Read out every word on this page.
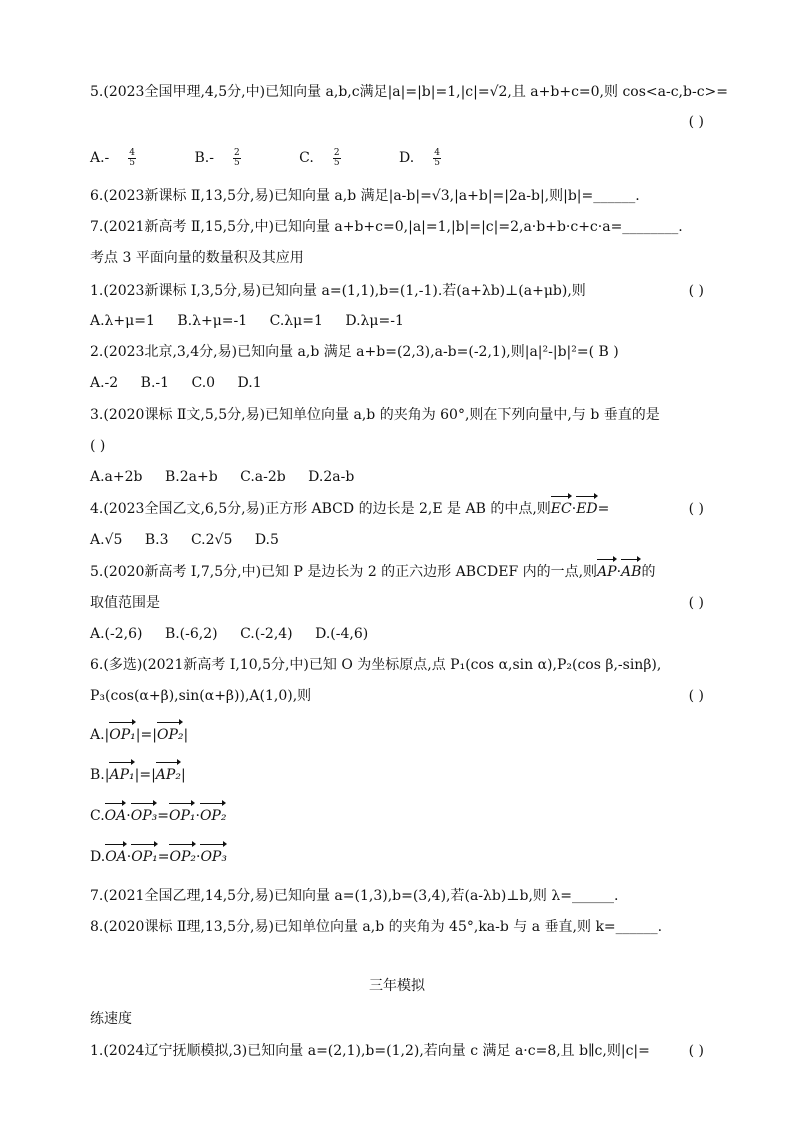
5.(2023全国甲理,4,5分,中)已知向量 a,b,c满足|a|=|b|=1,|c|=√2,且 a+b+c=0,则 cos<a-c,b-c>=
( )
$A.- \frac{4}{5}$	$B.- \frac{2}{5}$	C. $\frac{2}{5}$	D. $\frac{4}{5}$
6.(2023新课标 Ⅱ,13,5分,易)已知向量 a,b 满足|a-b|=√3,|a+b|=|2a-b|,则|b|=______.
7.(2021新高考 Ⅱ,15,5分,中)已知向量 a+b+c=0,|a|=1,|b|=|c|=2,a·b+b·c+c·a=________.
考点 3 平面向量的数量积及其应用
1.(2023新课标 Ⅰ,3,5分,易)已知向量 a=(1,1),b=(1,-1).若(a+λb)⊥(a+μb),则	( )
A.λ+μ=1 B.λ+μ=-1 C.λμ=1 D.λμ=-1
2.(2023北京,3,4分,易)已知向量 a,b 满足 a+b=(2,3),a-b=(-2,1),则|a|²-|b|²=( B )
A.-2 B.-1 C.0 D.1
3.(2020课标 Ⅱ文,5,5分,易)已知单位向量 a,b 的夹角为 60°,则在下列向量中,与 b 垂直的是
( )
A.a+2b B.2a+b C.a-2b D.2a-b
4.(2023全国乙文,6,5分,易)正方形 ABCD 的边长是 2,E 是 AB 的中点,则EC·ED=	( )
A.√5 B.3 C.2√5 D.5
5.(2020新高考 Ⅰ,7,5分,中)已知 P 是边长为 2 的正六边形 ABCDEF 内的一点,则AP·AB的
取值范围是	( )
A.(-2,6) B.(-6,2) C.(-2,4) D.(-4,6)
6.(多选)(2021新高考 Ⅰ,10,5分,中)已知 O 为坐标原点,点 P₁(cos α,sin α),P₂(cos β,-sinβ),
P₃(cos(α+β),sin(α+β)),A(1,0),则	( )
A.|OP₁|=|OP₂|
B.|AP₁|=|AP₂|
C.OA·OP₃=OP₁·OP₂
D.OA·OP₁=OP₂·OP₃
7.(2021全国乙理,14,5分,易)已知向量 a=(1,3),b=(3,4),若(a-λb)⊥b,则 λ=______.
8.(2020课标 Ⅱ理,13,5分,易)已知单位向量 a,b 的夹角为 45°,ka-b 与 a 垂直,则 k=______.
三年模拟
练速度
1.(2024辽宁抚顺模拟,3)已知向量 a=(2,1),b=(1,2),若向量 c 满足 a·c=8,且 b∥c,则|c|=	( )
